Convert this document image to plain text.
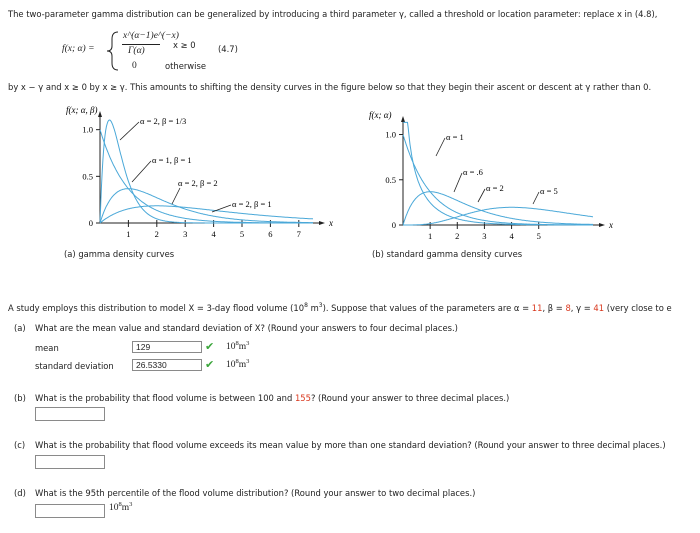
The two-parameter gamma distribution can be generalized by introducing a third parameter γ, called a threshold or location parameter: replace x in (4.8),
f(x; α) =
x^(α−1)e^(−x)
Γ(α)
x ≥ 0	(4.7)
0	otherwise
by x − γ and x ≥ 0 by x ≥ γ. This amounts to shifting the density curves in the figure below so that they begin their ascent or descent at γ rather than 0.
x
f(x; α, β)
1.0
0.5
0
1	2	3	4	5	6	7
α = 2, β = 1/3
α = 1, β = 1
α = 2, β = 2
α = 2, β = 1
(a) gamma density curves
x
f(x; α)
1.0
0.5
0
1	2	3	4	5
α = 1
α = .6
α = 2	α = 5
(b) standard gamma density curves
A study employs this distribution to model X = 3-day flood volume ($10^8$ $m^3$). Suppose that values of the parameters are α = 11, β = 8, γ = 41 (very close to e
(a) What are the mean value and standard deviation of X? (Round your answers to four decimal places.)
mean	129	✔ $10^8m^3$
standard deviation	26.5330	✔ $10^8m^3$
(b) What is the probability that flood volume is between 100 and 155? (Round your answer to three decimal places.)
(c) What is the probability that flood volume exceeds its mean value by more than one standard deviation? (Round your answer to three decimal places.)
(d) What is the 95th percentile of the flood volume distribution? (Round your answer to two decimal places.)
$10^8m^3$
